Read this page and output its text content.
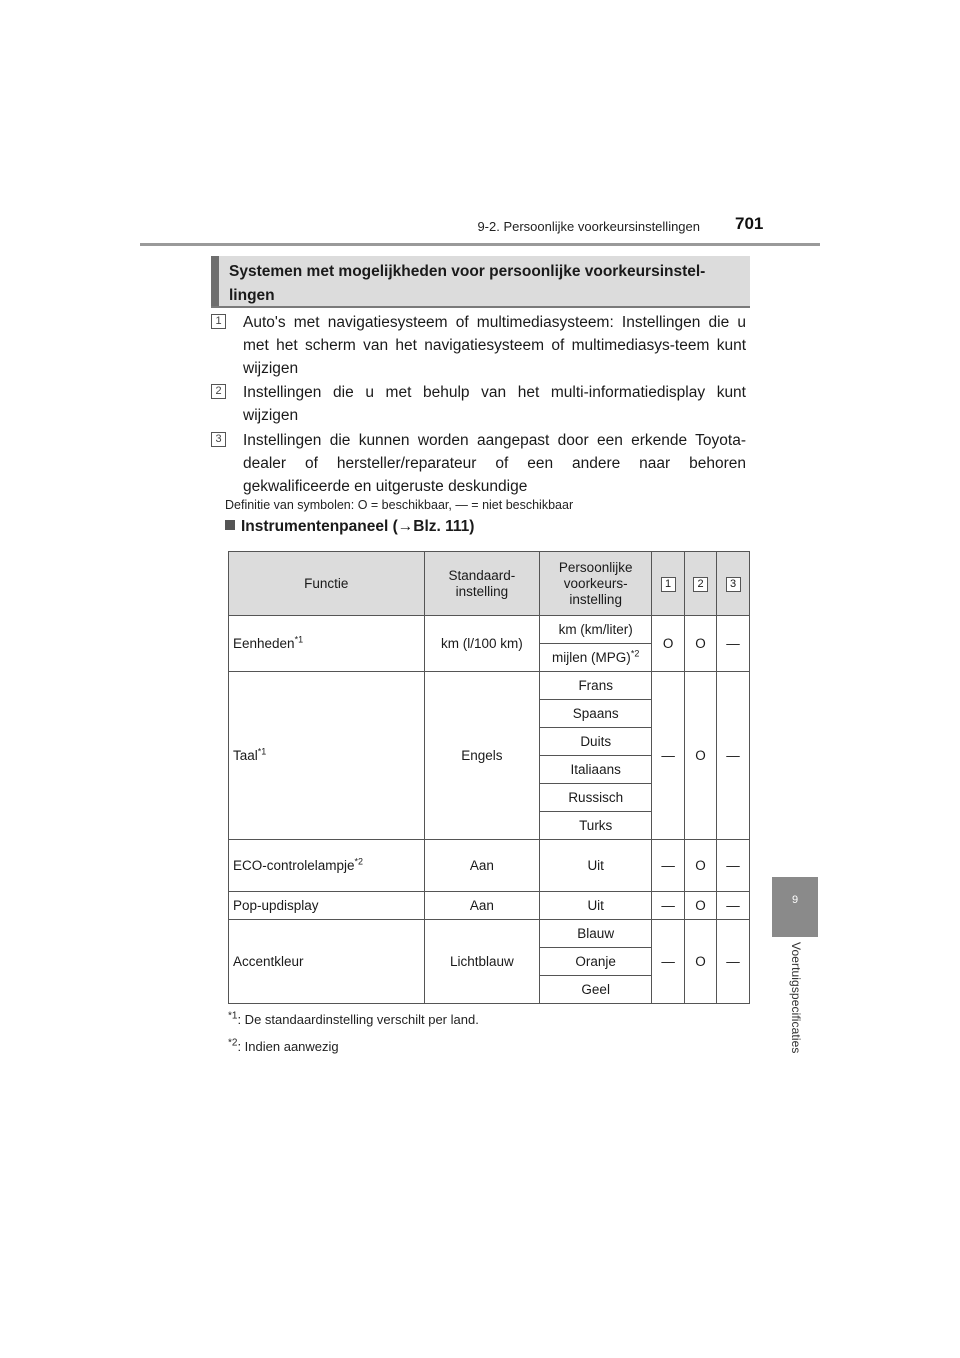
9-2. Persoonlijke voorkeursinstellingen 701
9
Voertuigspecificaties
Systemen met mogelijkheden voor persoonlijke voorkeursinstel-lingen
1 Auto's met navigatiesysteem of multimediasysteem: Instellingen die u met het scherm van het navigatiesysteem of multimediasys-teem kunt wijzigen
2 Instellingen die u met behulp van het multi-informatiedisplay kunt wijzigen
3 Instellingen die kunnen worden aangepast door een erkende Toyota-dealer of hersteller/reparateur of een andere naar behoren gekwalificeerde en uitgeruste deskundige
Definitie van symbolen: O = beschikbaar, — = niet beschikbaar
Instrumentenpaneel (→Blz. 111)
Functie	Standaard-instelling	Persoonlijke voorkeurs-instelling	1	2	3
Eenheden$^{*1}$	km (l/100 km)	km (km/liter)	O	O	—
		mijlen (MPG)$^{*2}$
Taal$^{*1}$	Engels	Frans	—	O	—
		Spaans			
		Duits			
		Italiaans			
		Russisch			
		Turks			
ECO-controlelampje$^{*2}$	Aan	Uit	—	O	—
Pop-updisplay	Aan	Uit	—	O	—
Accentkleur	Lichtblauw	Blauw	—	O	—
		Oranje			
		Geel			
$^{*1}$: De standaardinstelling verschilt per land.
$^{*2}$: Indien aanwezig
